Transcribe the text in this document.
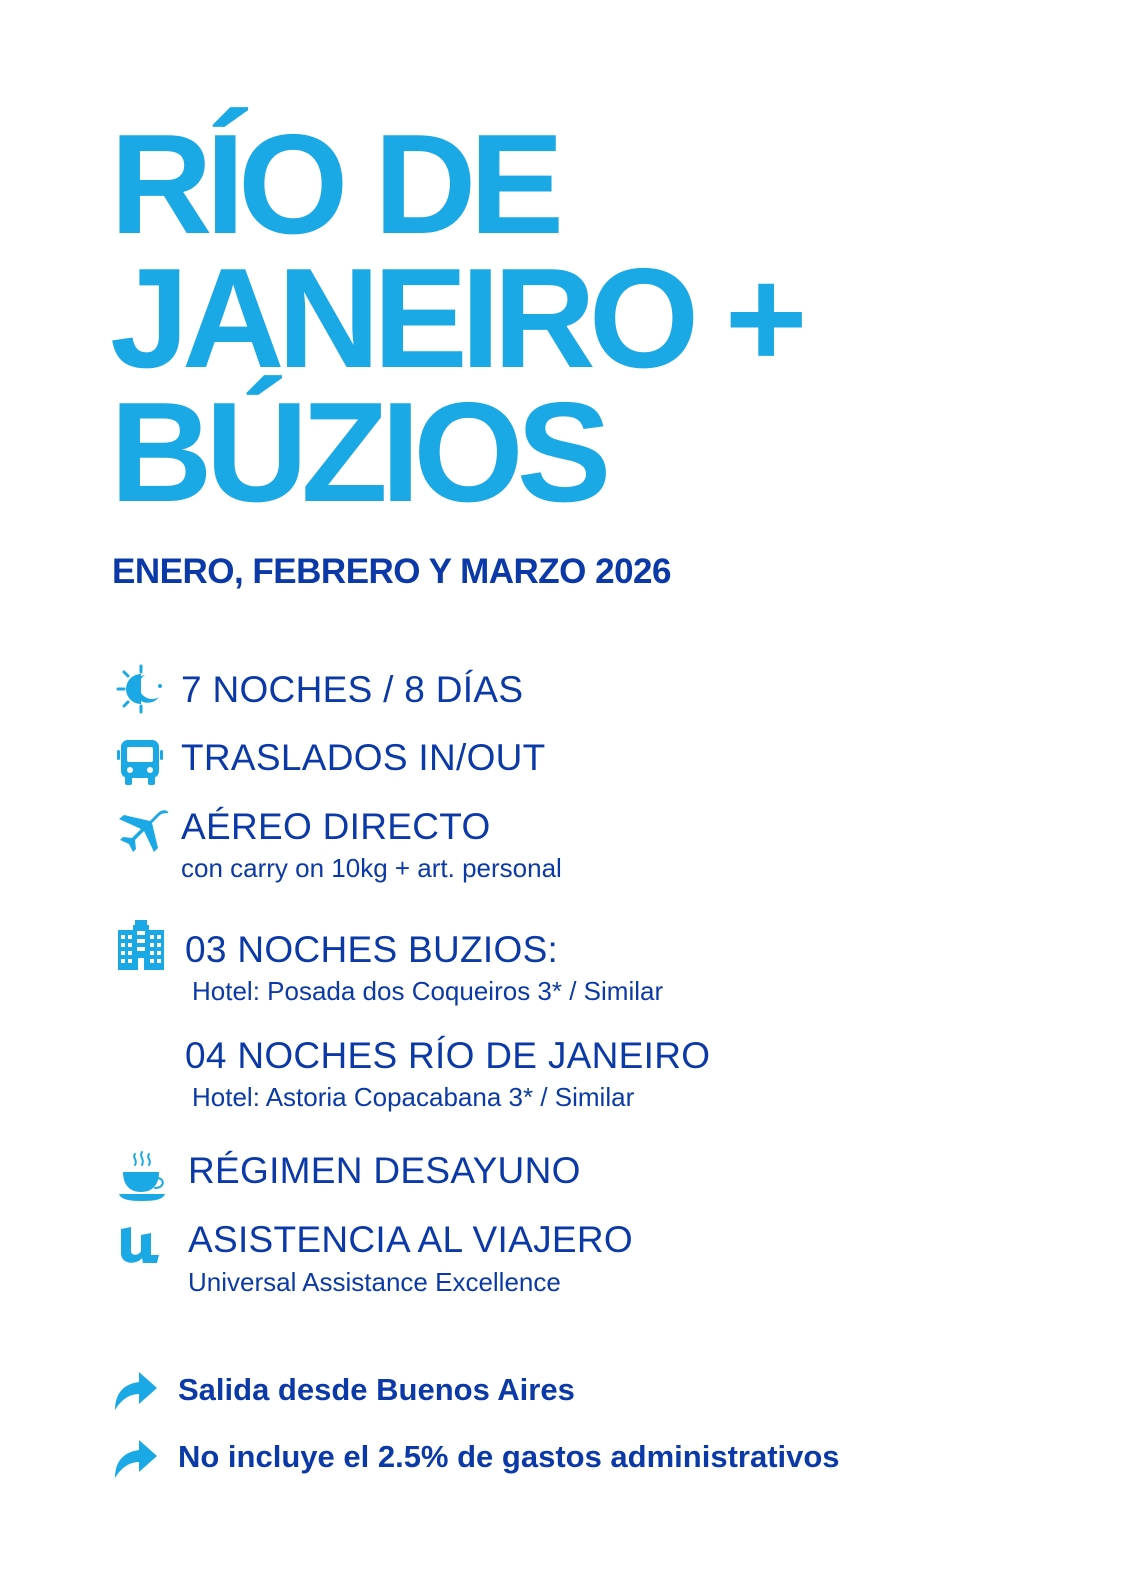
RÍO DE
JANEIRO +
BÚZIOS
ENERO, FEBRERO Y MARZO 2026
7 NOCHES / 8 DÍAS
TRASLADOS IN/OUT
AÉREO DIRECTO
con carry on 10kg + art. personal
03 NOCHES BUZIOS:
Hotel: Posada dos Coqueiros 3* / Similar
04 NOCHES RÍO DE JANEIRO
Hotel: Astoria Copacabana 3* / Similar
RÉGIMEN DESAYUNO
ASISTENCIA AL VIAJERO
Universal Assistance Excellence
Salida desde Buenos Aires
No incluye el 2.5% de gastos administrativos
